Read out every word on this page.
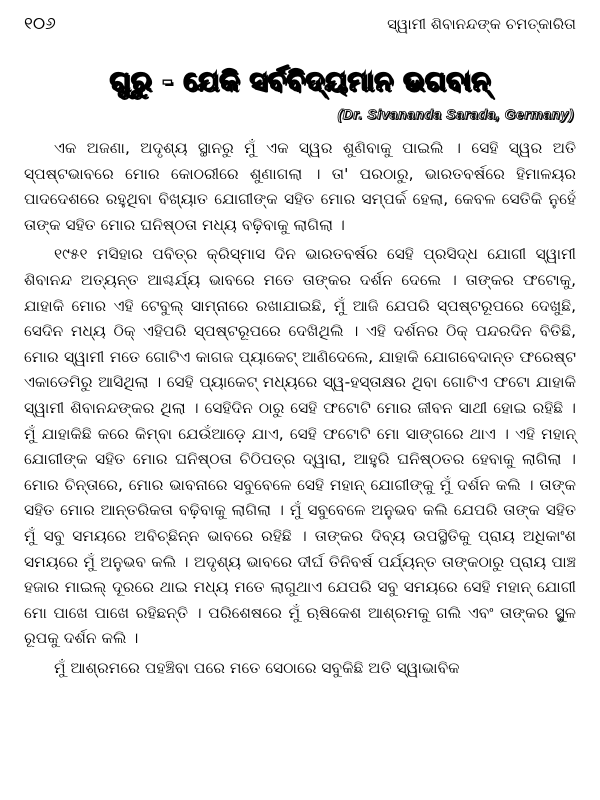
୧୦୬	ସ୍ୱାମୀ ଶିବାନନ୍ଦଙ୍କ ଚମତ୍କାରିତା
ଗୁରୁ - ଯେକି ସର୍ବବିଦ୍ୟମାନ ଭଗବାନ୍
(Dr. Sivananda Sarada, Germany)

ଏକ ଅଜଣା, ଅଦୃଶ୍ୟ ସ୍ଥାନରୁ ମୁଁ ଏକ ସ୍ୱର ଶୁଣିବାକୁ ପାଇଲି । ସେହି ସ୍ୱର ଅତି ସ୍ପଷ୍ଟଭାବରେ ମୋର କୋଠରୀରେ ଶୁଣାଗଲା । ତା' ପରଠାରୁ, ଭାରତବର୍ଷରେ ହିମାଳୟର ପାଦଦେଶରେ ରହୁଥିବା ବିଖ୍ୟାତ ଯୋଗୀଙ୍କ ସହିତ ମୋର ସମ୍ପର୍କ ହେଲା, କେବଳ ସେତିକି ନୁହେଁ ତାଙ୍କ ସହିତ ମୋର ଘନିଷ୍ଠତା ମଧ୍ୟ ବଢ଼ିବାକୁ ଲାଗିଲା ।

୧୯୫୧ ମସିହାର ପବିତ୍ର କ୍ରିସ୍‌ମାସ ଦିନ ଭାରତବର୍ଷର ସେହି ପ୍ରସିଦ୍ଧ ଯୋଗୀ ସ୍ୱାମୀ ଶିବାନନ୍ଦ ଅତ୍ୟନ୍ତ ଆଶ୍ଚର୍ଯ୍ୟ ଭାବରେ ମତେ ତାଙ୍କର ଦର୍ଶନ ଦେଲେ । ତାଙ୍କର ଫଟୋକୁ, ଯାହାକି ମୋର ଏହି ଟେବୁଲ୍ ସାମ୍ନାରେ ରଖାଯାଇଛି, ମୁଁ ଆଜି ଯେପରି ସ୍ପଷ୍ଟରୂପରେ ଦେଖୁଛି, ସେଦିନ ମଧ୍ୟ ଠିକ୍ ଏହିପରି ସ୍ପଷ୍ଟରୂପରେ ଦେଖିଥିଲି । ଏହି ଦର୍ଶନର ଠିକ୍ ପନ୍ଦରଦିନ ବିତିଛି, ମୋର ସ୍ୱାମୀ ମତେ ଗୋଟିଏ କାଗଜ ପ୍ୟାକେଟ୍ ଆଣିଦେଲେ, ଯାହାକି ଯୋଗବେଦାନ୍ତ ଫରେଷ୍ଟ ଏକାଡେମିରୁ ଆସିଥିଲା । ସେହି ପ୍ୟାକେଟ୍ ମଧ୍ୟରେ ସ୍ୱ-ହସ୍ତାକ୍ଷର ଥିବା ଗୋଟିଏ ଫଟୋ ଯାହାକି ସ୍ୱାମୀ ଶିବାନନ୍ଦଙ୍କର ଥିଲା । ସେହିଦିନ ଠାରୁ ସେହି ଫଟୋଟି ମୋର ଜୀବନ ସାଥୀ ହୋଇ ରହିଛି । ମୁଁ ଯାହାକିଛି କରେ କିମ୍ବା ଯେଉଁଆଡ଼େ ଯାଏ, ସେହି ଫଟୋଟି ମୋ ସାଙ୍ଗରେ ଥାଏ । ଏହି ମହାନ୍ ଯୋଗୀଙ୍କ ସହିତ ମୋର ଘନିଷ୍ଠତା ଚିଠିପତ୍ର ଦ୍ୱାରା, ଆହୁରି ଘନିଷ୍ଠତର ହେବାକୁ ଲାଗିଲା । ମୋର ଚିନ୍ତାରେ, ମୋର ଭାବନାରେ ସବୁବେଳେ ସେହି ମହାନ୍ ଯୋଗୀଙ୍କୁ ମୁଁ ଦର୍ଶନ କଲି । ତାଙ୍କ ସହିତ ମୋର ଆନ୍ତରିକତା ବଢ଼ିବାକୁ ଲାଗିଲା । ମୁଁ ସବୁବେଳେ ଅନୁଭବ କଲି ଯେପରି ତାଙ୍କ ସହିତ ମୁଁ ସବୁ ସମୟରେ ଅବିଚ୍ଛିନ୍ନ ଭାବରେ ରହିଛି । ତାଙ୍କର ଦିବ୍ୟ ଉପସ୍ଥିତିକୁ ପ୍ରାୟ ଅଧିକାଂଶ ସମୟରେ ମୁଁ ଅନୁଭବ କଲି । ଅଦୃଶ୍ୟ ଭାବରେ ଦୀର୍ଘ ତିନିବର୍ଷ ପର୍ଯ୍ୟନ୍ତ ତାଙ୍କଠାରୁ ପ୍ରାୟ ପାଞ୍ଚ ହଜାର ମାଇଲ୍ ଦୂରରେ ଥାଇ ମଧ୍ୟ ମତେ ଲାଗୁଥାଏ ଯେପରି ସବୁ ସମୟରେ ସେହି ମହାନ୍ ଯୋଗୀ ମୋ ପାଖେ ପାଖେ ରହିଛନ୍ତି । ପରିଶେଷରେ ମୁଁ ଋଷିକେଶ ଆଶ୍ରମକୁ ଗଲି ଏବଂ ତାଙ୍କର ସ୍ଥୁଳ ରୂପକୁ ଦର୍ଶନ କଲି ।

ମୁଁ ଆଶ୍ରମରେ ପହଞ୍ଚିବା ପରେ ମତେ ସେଠାରେ ସବୁକିଛି ଅତି ସ୍ୱାଭାବିକ
